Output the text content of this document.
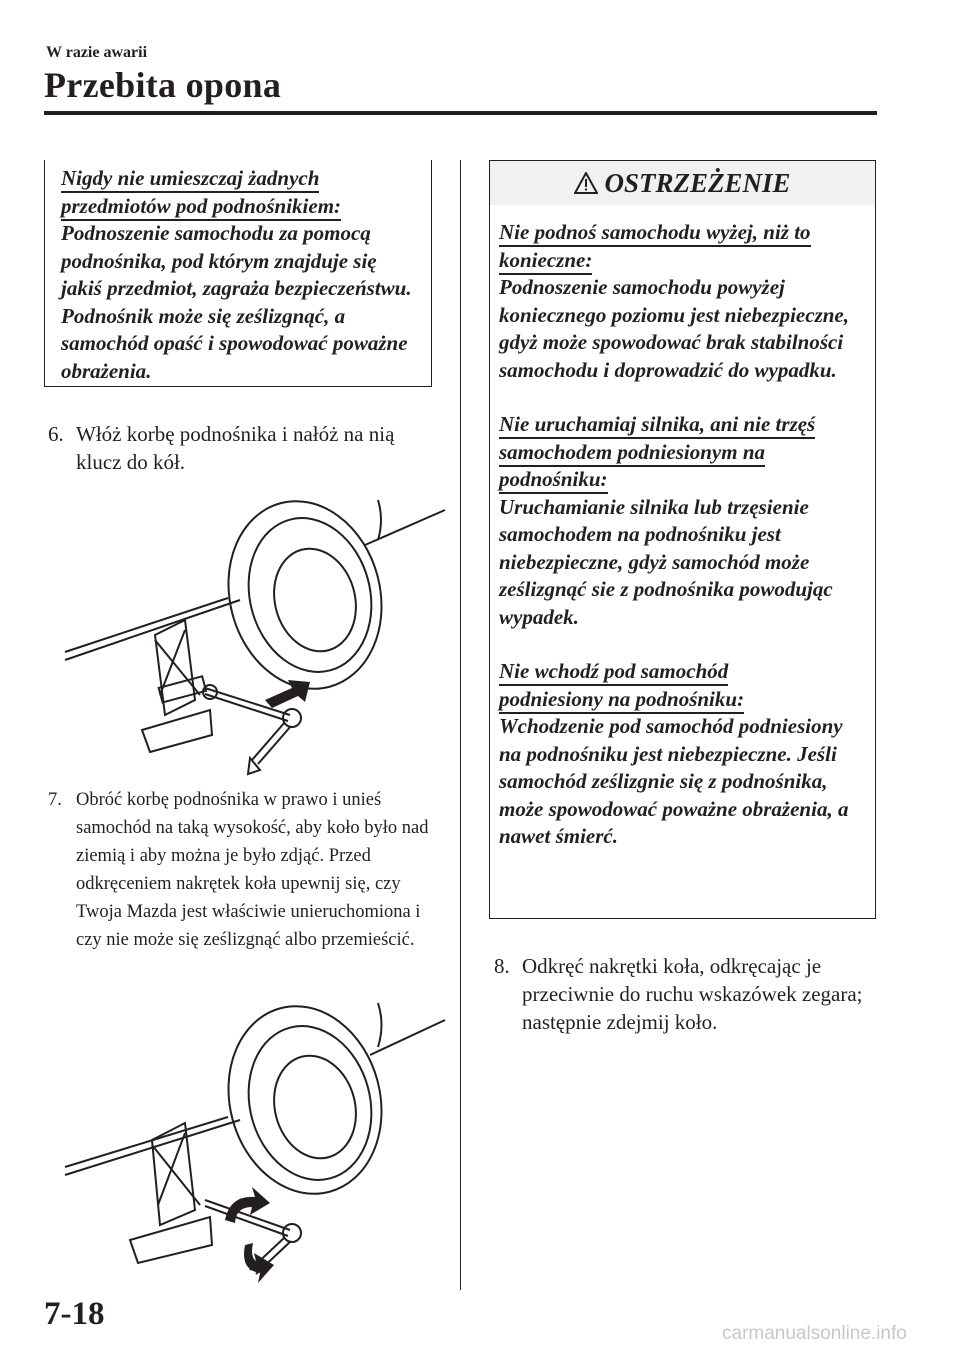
W razie awarii
Przebita opona
Nigdy nie umieszczaj żadnych
przedmiotów pod podnośnikiem:
Podnoszenie samochodu za pomocą podnośnika, pod którym znajduje się jakiś przedmiot, zagraża bezpieczeństwu. Podnośnik może się ześlizgnąć, a samochód opaść i spowodować poważne obrażenia.
6. Włóż korbę podnośnika i nałóż na nią klucz do kół.
7. Obróć korbę podnośnika w prawo i unieś samochód na taką wysokość, aby koło było nad ziemią i aby można je było zdjąć. Przed odkręceniem nakrętek koła upewnij się, czy Twoja Mazda jest właściwie unieruchomiona i czy nie może się ześlizgnąć albo przemieścić.
OSTRZEŻENIE
Nie podnoś samochodu wyżej, niż to
konieczne:
Podnoszenie samochodu powyżej koniecznego poziomu jest niebezpieczne, gdyż może spowodować brak stabilności samochodu i doprowadzić do wypadku.
Nie uruchamiaj silnika, ani nie trzęś
samochodem podniesionym na
podnośniku:
Uruchamianie silnika lub trzęsienie samochodem na podnośniku jest niebezpieczne, gdyż samochód może ześlizgnąć sie z podnośnika powodując wypadek.
Nie wchodź pod samochód
podniesiony na podnośniku:
Wchodzenie pod samochód podniesiony na podnośniku jest niebezpieczne. Jeśli samochód ześlizgnie się z podnośnika, może spowodować poważne obrażenia, a nawet śmierć.
8. Odkręć nakrętki koła, odkręcając je przeciwnie do ruchu wskazówek zegara; następnie zdejmij koło.
7-18
carmanualsonline.info
